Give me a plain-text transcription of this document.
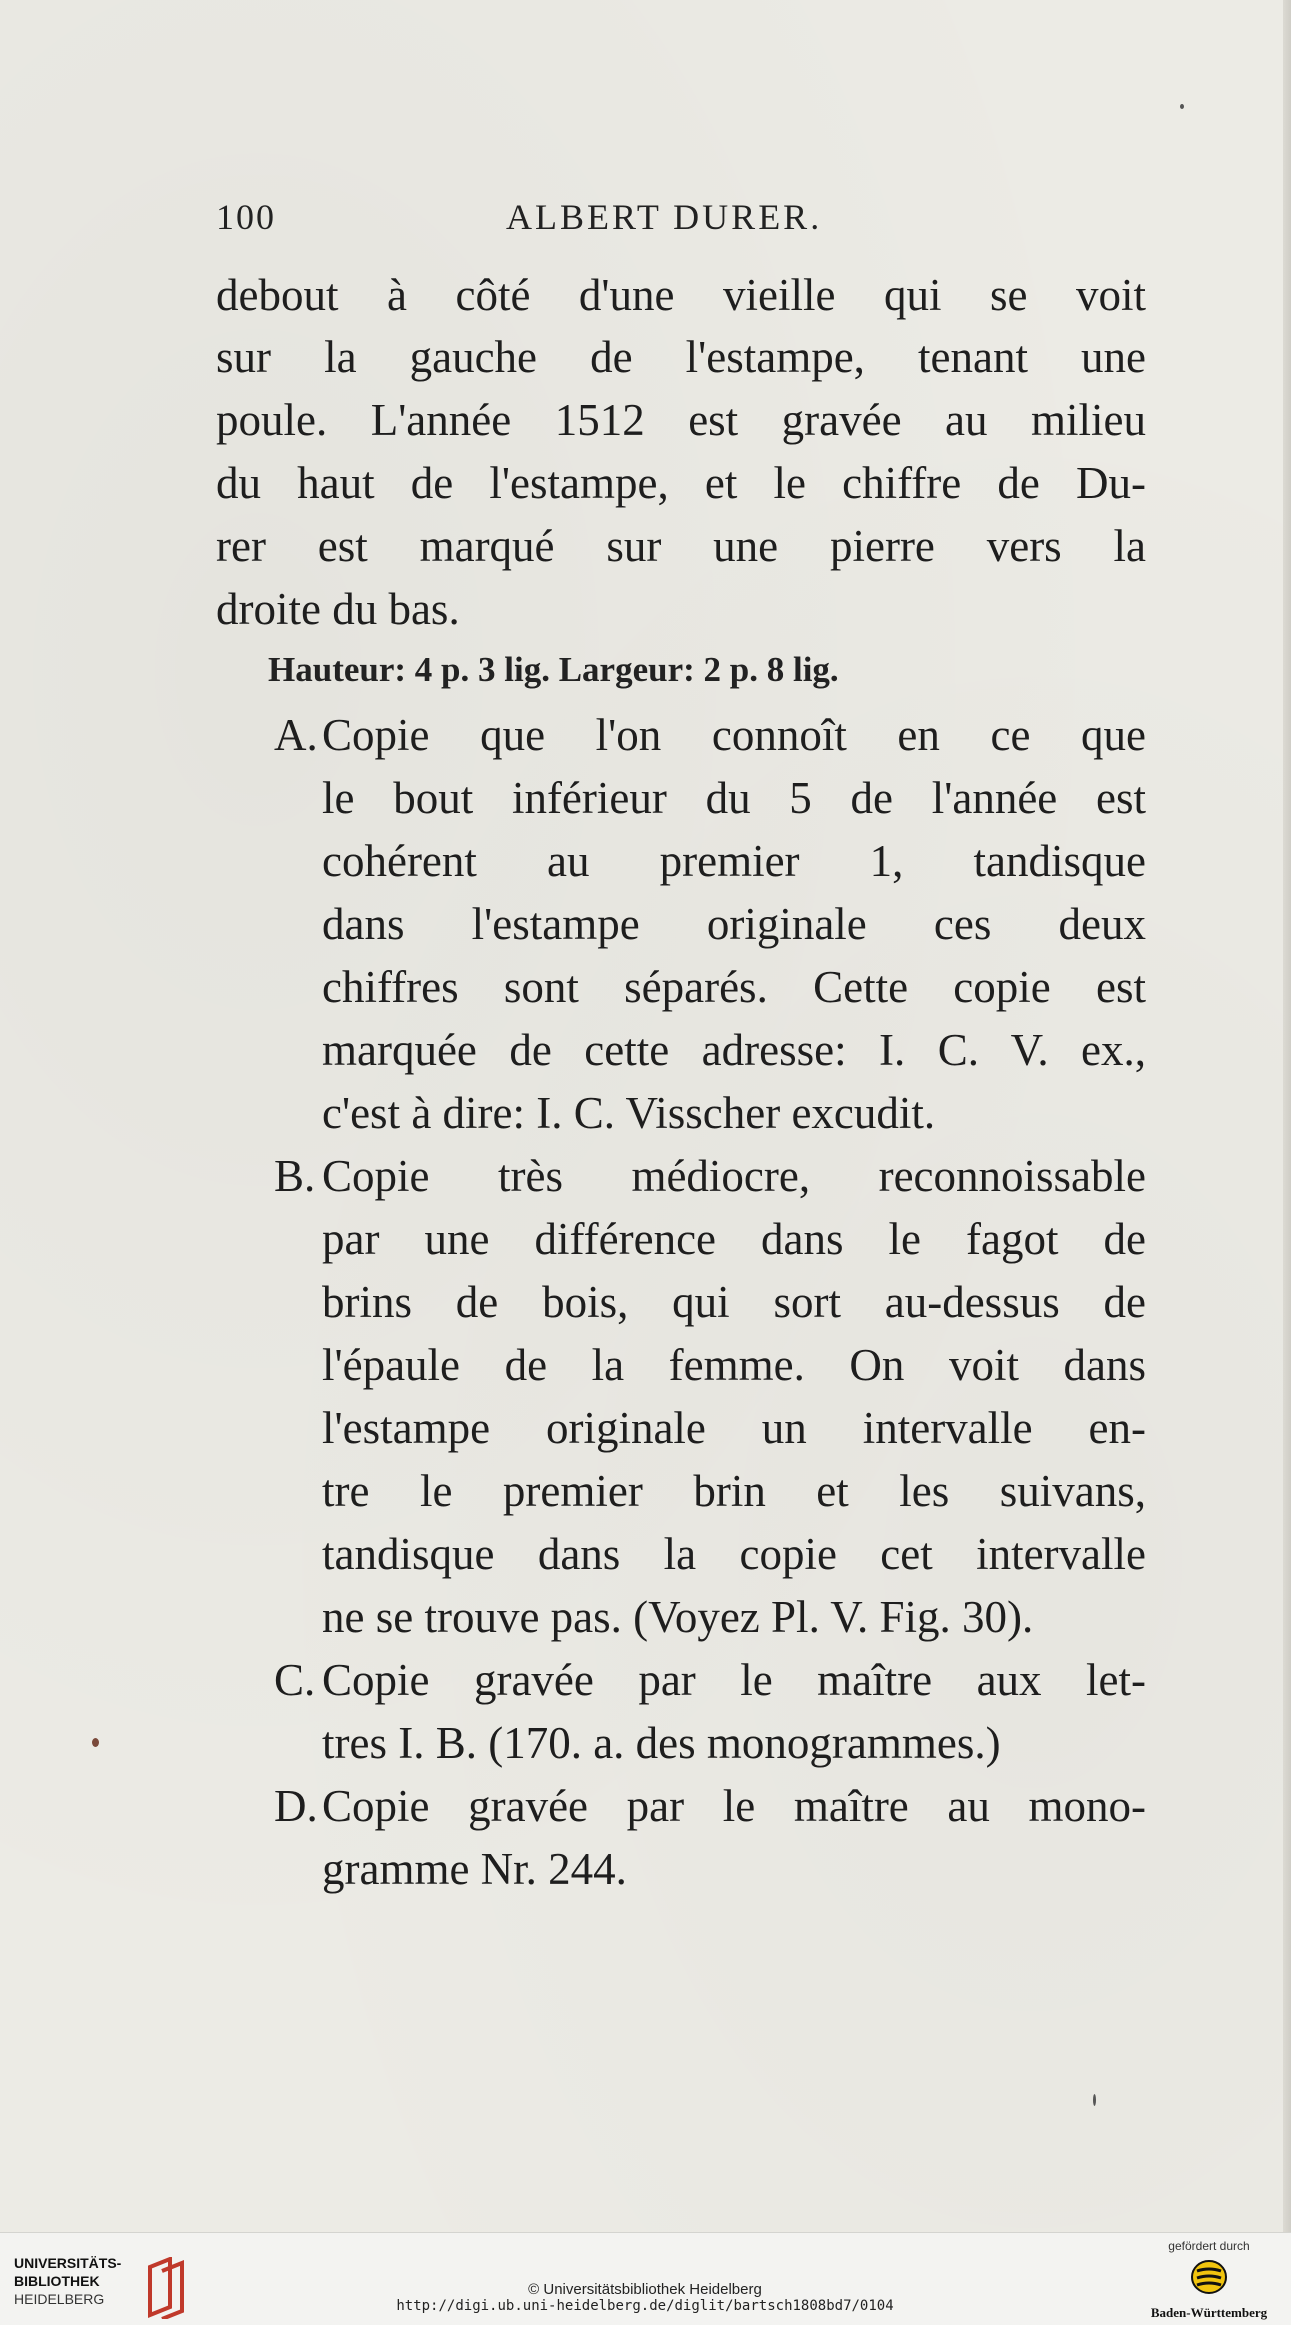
100	ALBERT DURER.
debout à côté d'une vieille qui se voit
sur la gauche de l'estampe, tenant une
poule. L'année 1512 est gravée au milieu
du haut de l'estampe, et le chiffre de Du-
rer est marqué sur une pierre vers la
droite du bas.
Hauteur: 4 p. 3 lig. Largeur: 2 p. 8 lig.
A. Copie que l'on connoît en ce que
le bout inférieur du 5 de l'année est
cohérent au premier 1, tandisque
dans l'estampe originale ces deux
chiffres sont séparés. Cette copie est
marquée de cette adresse: I. C. V. ex.,
c'est à dire: I. C. Visscher excudit.
B. Copie très médiocre, reconnoissable
par une différence dans le fagot de
brins de bois, qui sort au-dessus de
l'épaule de la femme. On voit dans
l'estampe originale un intervalle en-
tre le premier brin et les suivans,
tandisque dans la copie cet intervalle
ne se trouve pas. (Voyez Pl. V. Fig. 30).
C. Copie gravée par le maître aux let-
tres I. B. (170. a. des monogrammes.)
D. Copie gravée par le maître au mono-
gramme Nr. 244.
UNIVERSITÄTS-
BIBLIOTHEK
HEIDELBERG
© Universitätsbibliothek Heidelberg
http://digi.ub.uni-heidelberg.de/diglit/bartsch1808bd7/0104
gefördert durch
Baden-Württemberg
